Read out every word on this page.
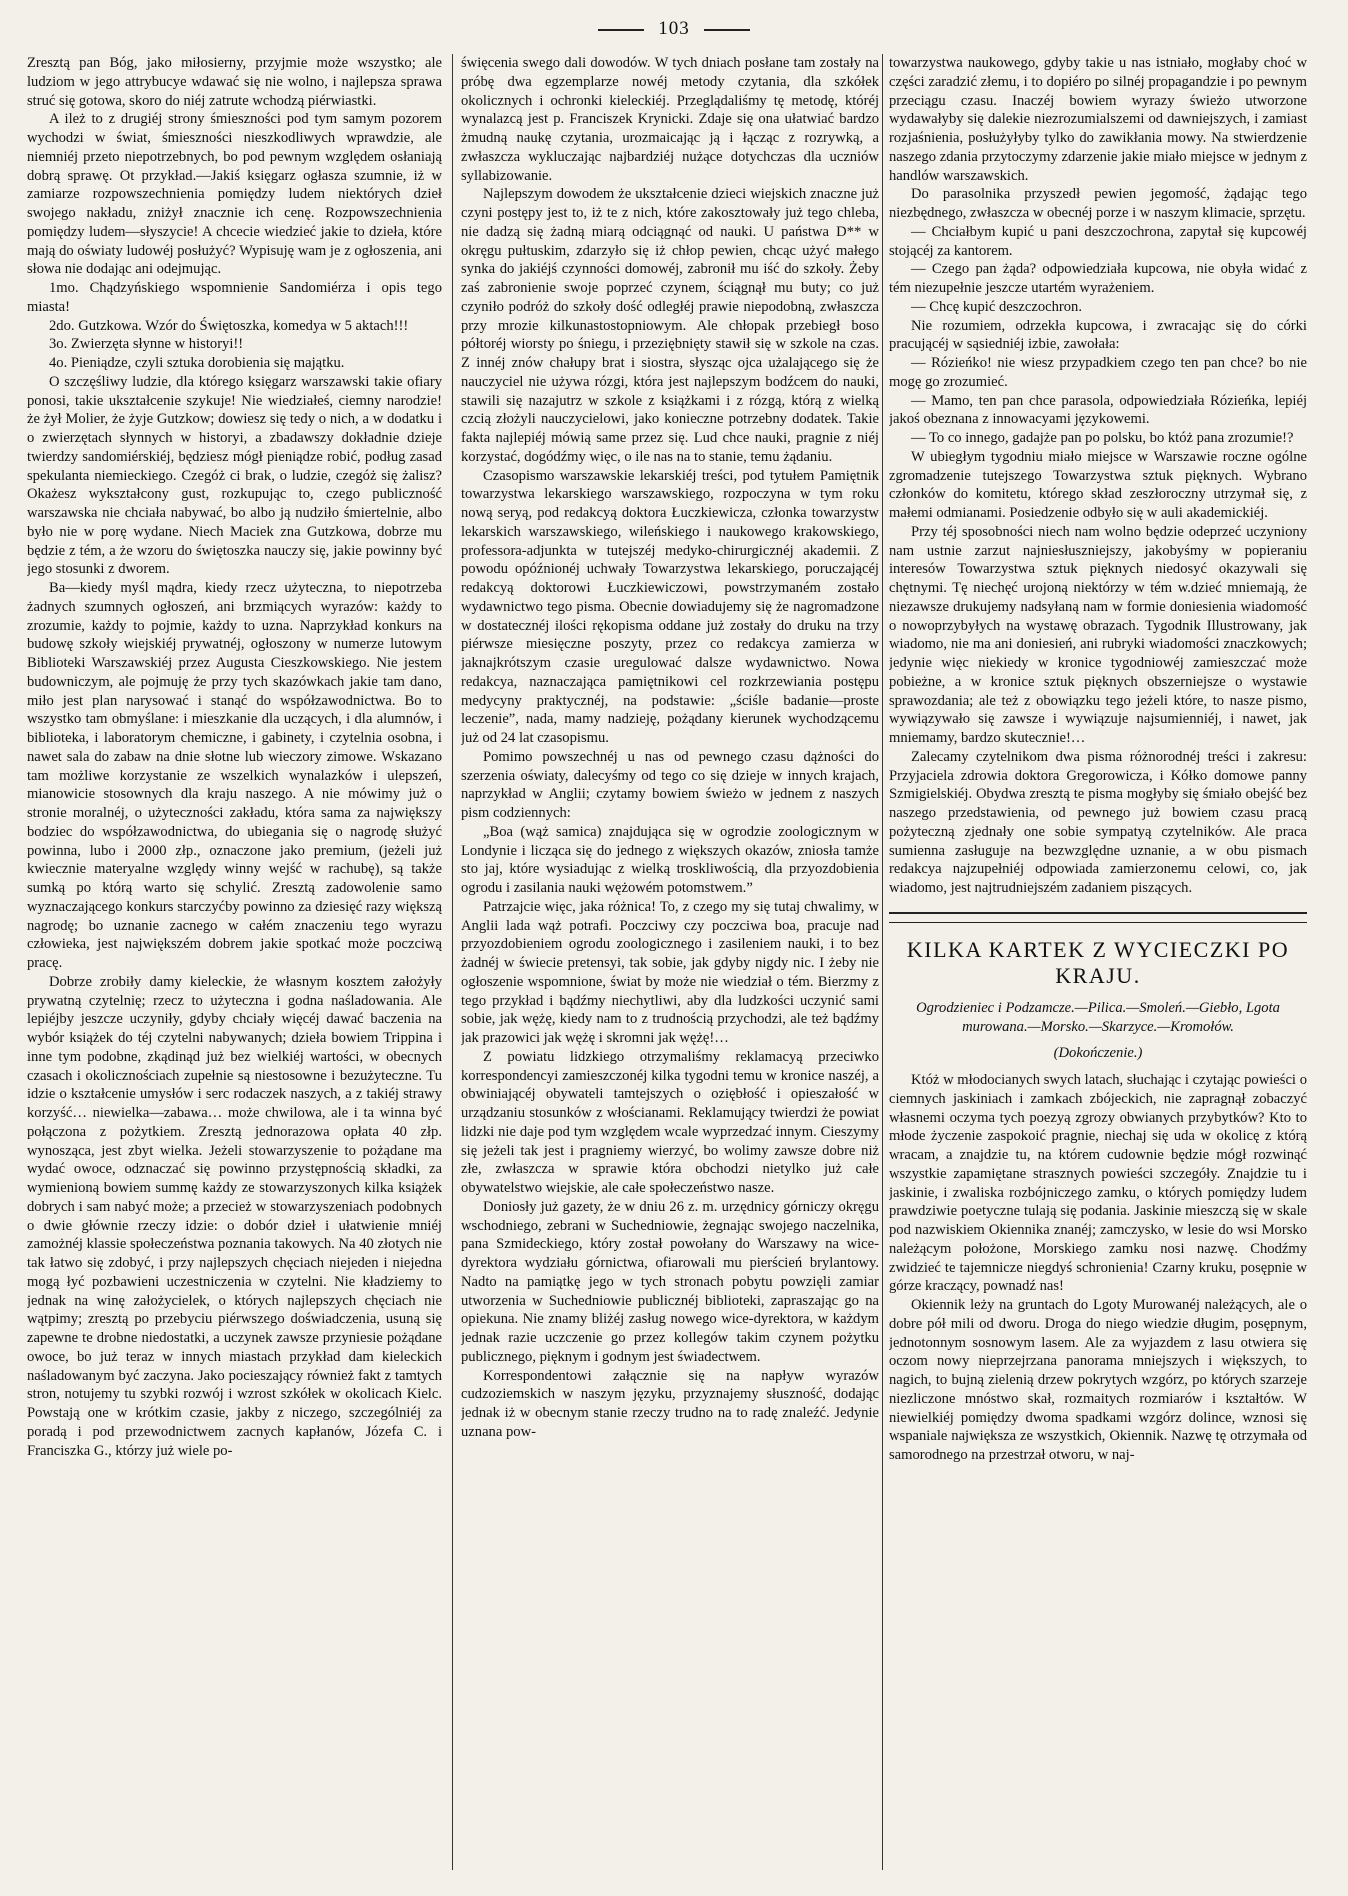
103

Zresztą pan Bóg, jako miłosierny, przyjmie może wszystko; ale ludziom w jego attrybucye wdawać się nie wolno, i najlepsza sprawa struć się gotowa, skoro do niéj zatrute wchodzą piérwiastki.

A ileż to z drugiéj strony śmieszności pod tym samym pozorem wychodzi w świat, śmieszności nieszkodliwych wprawdzie, ale niemniéj przeto niepotrzebnych, bo pod pewnym względem osłaniają dobrą sprawę. Ot przykład.—Jakiś księgarz ogłasza szumnie, iż w zamiarze rozpowszechnienia pomiędzy ludem niektórych dzieł swojego nakładu, zniżył znacznie ich cenę. Rozpowszechnienia pomiędzy ludem—słyszycie! A chcecie wiedzieć jakie to dzieła, które mają do oświaty ludowéj posłużyć? Wypisuję wam je z ogłoszenia, ani słowa nie dodając ani odejmując.

1mo. Chądzyńskiego wspomnienie Sandomiérza i opis tego miasta!

2do. Gutzkowa. Wzór do Świętoszka, komedya w 5 aktach!!!

3o. Zwierzęta słynne w historyi!!

4o. Pieniądze, czyli sztuka dorobienia się majątku.

O szczęśliwy ludzie, dla którego księgarz warszawski takie ofiary ponosi, takie ukształcenie szykuje! Nie wiedziałeś, ciemny narodzie! że żył Molier, że żyje Gutzkow; dowiesz się tedy o nich, a w dodatku i o zwierzętach słynnych w historyi, a zbadawszy dokładnie dzieje twierdzy sandomiérskiéj, będziesz mógł pieniądze robić, podług zasad spekulanta niemieckiego. Czegóż ci brak, o ludzie, czegóż się żalisz? Okażesz wykształcony gust, rozkupując to, czego publiczność warszawska nie chciała nabywać, bo albo ją nudziło śmiertelnie, albo było nie w porę wydane. Niech Maciek zna Gutzkowa, dobrze mu będzie z tém, a że wzoru do świętoszka nauczy się, jakie powinny być jego stosunki z dworem.

Ba—kiedy myśl mądra, kiedy rzecz użyteczna, to niepotrzeba żadnych szumnych ogłoszeń, ani brzmiących wyrazów: każdy to zrozumie, każdy to pojmie, każdy to uzna. Naprzykład konkurs na budowę szkoły wiejskiéj prywatnéj, ogłoszony w numerze lutowym Biblioteki Warszawskiéj przez Augusta Cieszkowskiego. Nie jestem budowniczym, ale pojmuję że przy tych skazówkach jakie tam dano, miło jest plan narysować i stanąć do współzawodnictwa. Bo to wszystko tam obmyślane: i mieszkanie dla uczących, i dla alumnów, i biblioteka, i laboratorym chemiczne, i gabinety, i czytelnia osobna, i nawet sala do zabaw na dnie słotne lub wieczory zimowe. Wskazano tam możliwe korzystanie ze wszelkich wynalazków i ulepszeń, mianowicie stosownych dla kraju naszego. A nie mówimy już o stronie moralnéj, o użyteczności zakładu, która sama za największy bodziec do współzawodnictwa, do ubiegania się o nagrodę służyć powinna, lubo i 2000 złp., oznaczone jako premium, (jeżeli już kwiecznie materyalne względy winny wejść w rachubę), są także sumką po którą warto się schylić. Zresztą zadowolenie samo wyznaczającego konkurs starczyćby powinno za dziesięć razy większą nagrodę; bo uznanie zacnego w całém znaczeniu tego wyrazu człowieka, jest największém dobrem jakie spotkać może poczciwą pracę.

Dobrze zrobiły damy kieleckie, że własnym kosztem założyły prywatną czytelnię; rzecz to użyteczna i godna naśladowania. Ale lepiéjby jeszcze uczyniły, gdyby chciały więcéj dawać baczenia na wybór książek do téj czytelni nabywanych; dzieła bowiem Trippina i inne tym podobne, zkądinąd już bez wielkiéj wartości, w obecnych czasach i okolicznościach zupełnie są niestosowne i bezużyteczne. Tu idzie o kształcenie umysłów i serc rodaczek naszych, a z takiéj strawy korzyść… niewielka—zabawa… może chwilowa, ale i ta winna być połączona z pożytkiem. Zresztą jednorazowa opłata 40 złp. wynosząca, jest zbyt wielka. Jeżeli stowarzyszenie to pożądane ma wydać owoce, odznaczać się powinno przystępnością składki, za wymienioną bowiem summę każdy ze stowarzyszonych kilka książek dobrych i sam nabyć może; a przecież w stowarzyszeniach podobnych o dwie głównie rzeczy idzie: o dobór dzieł i ułatwienie mniéj zamożnéj klassie społeczeństwa poznania takowych. Na 40 złotych nie tak łatwo się zdobyć, i przy najlepszych chęciach niejeden i niejedna mogą łyć pozbawieni uczestniczenia w czytelni. Nie kładziemy to jednak na winę założycielek, o których najlepszych chęciach nie wątpimy; zresztą po przebyciu piérwszego doświadczenia, usuną się zapewne te drobne niedostatki, a uczynek zawsze przyniesie pożądane owoce, bo już teraz w innych miastach przykład dam kieleckich naśladowanym być zaczyna. Jako pocieszający również fakt z tamtych stron, notujemy tu szybki rozwój i wzrost szkółek w okolicach Kielc. Powstają one w krótkim czasie, jakby z niczego, szczególniéj za poradą i pod przewodnictwem zacnych kapłanów, Józefa C. i Franciszka G., którzy już wiele po-

święcenia swego dali dowodów. W tych dniach posłane tam zostały na próbę dwa egzemplarze nowéj metody czytania, dla szkółek okolicznych i ochronki kieleckiéj. Przeglądaliśmy tę metodę, któréj wynalazcą jest p. Franciszek Krynicki. Zdaje się ona ułatwiać bardzo żmudną naukę czytania, urozmaicając ją i łącząc z rozrywką, a zwłaszcza wykluczając najbardziéj nużące dotychczas dla uczniów syllabizowanie.

Najlepszym dowodem że ukształcenie dzieci wiejskich znaczne już czyni postępy jest to, iż te z nich, które zakosztowały już tego chleba, nie dadzą się żadną miarą odciągnąć od nauki. U państwa D** w okręgu pułtuskim, zdarzyło się iż chłop pewien, chcąc użyć małego synka do jakiéjś czynności domowéj, zabronił mu iść do szkoły. Żeby zaś zabronienie swoje poprzeć czynem, ściągnął mu buty; co już czyniło podróż do szkoły dość odległéj prawie niepodobną, zwłaszcza przy mrozie kilkunastostopniowym. Ale chłopak przebiegł boso półtoréj wiorsty po śniegu, i przeziębnięty stawił się w szkole na czas. Z innéj znów chałupy brat i siostra, słysząc ojca użalającego się że nauczyciel nie używa rózgi, która jest najlepszym bodźcem do nauki, stawili się nazajutrz w szkole z książkami i z rózgą, którą z wielką czcią złożyli nauczycielowi, jako konieczne potrzebny dodatek. Takie fakta najlepiéj mówią same przez się. Lud chce nauki, pragnie z niéj korzystać, dogódźmy więc, o ile nas na to stanie, temu żądaniu.

Czasopismo warszawskie lekarskiéj treści, pod tytułem Pamiętnik towarzystwa lekarskiego warszawskiego, rozpoczyna w tym roku nową seryą, pod redakcyą doktora Łuczkiewicza, członka towarzystw lekarskich warszawskiego, wileńskiego i naukowego krakowskiego, professora-adjunkta w tutejszéj medyko-chirurgicznéj akademii. Z powodu opóźnionéj uchwały Towarzystwa lekarskiego, poruczającéj redakcyą doktorowi Łuczkiewiczowi, powstrzymaném zostało wydawnictwo tego pisma. Obecnie dowiadujemy się że nagromadzone w dostatecznéj ilości rękopisma oddane już zostały do druku na trzy piérwsze miesięczne poszyty, przez co redakcya zamierza w jaknajkrótszym czasie uregulować dalsze wydawnictwo. Nowa redakcya, naznaczająca pamiętnikowi cel rozkrzewiania postępu medycyny praktycznéj, na podstawie: „ściśle badanie—proste leczenie”, nada, mamy nadzieję, pożądany kierunek wychodzącemu już od 24 lat czasopismu.

Pomimo powszechnéj u nas od pewnego czasu dążności do szerzenia oświaty, dalecyśmy od tego co się dzieje w innych krajach, naprzykład w Anglii; czytamy bowiem świeżo w jednem z naszych pism codziennych:

„Boa (wąż samica) znajdująca się w ogrodzie zoologicznym w Londynie i licząca się do jednego z większych okazów, zniosła tamże sto jaj, które wysiadując z wielką troskliwością, dla przyozdobienia ogrodu i zasilania nauki wężowém potomstwem.”

Patrzajcie więc, jaka różnica! To, z czego my się tutaj chwalimy, w Anglii lada wąż potrafi. Poczciwy czy poczciwa boa, pracuje nad przyozdobieniem ogrodu zoologicznego i zasileniem nauki, i to bez żadnéj w świecie pretensyi, tak sobie, jak gdyby nigdy nic. I żeby nie ogłoszenie wspomnione, świat by może nie wiedział o tém. Bierzmy z tego przykład i bądźmy niechytliwi, aby dla ludzkości uczynić sami sobie, jak wężę, kiedy nam to z trudnością przychodzi, ale też bądźmy jak prazowici jak wężę i skromni jak wężę!…

Z powiatu lidzkiego otrzymaliśmy reklamacyą przeciwko korrespondencyi zamieszczonéj kilka tygodni temu w kronice naszéj, a obwiniającéj obywateli tamtejszych o oziębłość i opieszałość w urządzaniu stosunków z włościanami. Reklamujący twierdzi że powiat lidzki nie daje pod tym względem wcale wyprzedzać innym. Cieszymy się jeżeli tak jest i pragniemy wierzyć, bo wolimy zawsze dobre niż złe, zwłaszcza w sprawie która obchodzi nietylko już całe obywatelstwo wiejskie, ale całe społeczeństwo nasze.

Doniosły już gazety, że w dniu 26 z. m. urzędnicy górniczy okręgu wschodniego, zebrani w Suchedniowie, żegnając swojego naczelnika, pana Szmideckiego, który został powołany do Warszawy na wice-dyrektora wydziału górnictwa, ofiarowali mu pierścień brylantowy. Nadto na pamiątkę jego w tych stronach pobytu powzięli zamiar utworzenia w Suchedniowie publicznéj biblioteki, zapraszając go na opiekuna. Nie znamy bliżéj zasług nowego wice-dyrektora, w każdym jednak razie uczczenie go przez kollegów takim czynem pożytku publicznego, pięknym i godnym jest świadectwem.

Korrespondentowi załącznie się na napływ wyrazów cudzoziemskich w naszym języku, przyznajemy słuszność, dodając jednak iż w obecnym stanie rzeczy trudno na to radę znaleźć. Jedynie uznana pow-

towarzystwa naukowego, gdyby takie u nas istniało, mogłaby choć w części zaradzić złemu, i to dopiéro po silnéj propagandzie i po pewnym przeciągu czasu. Inaczéj bowiem wyrazy świeżo utworzone wydawałyby się dalekie niezrozumialszemi od dawniejszych, i zamiast rozjaśnienia, posłużyłyby tylko do zawikłania mowy. Na stwierdzenie naszego zdania przytoczymy zdarzenie jakie miało miejsce w jednym z handlów warszawskich.

Do parasolnika przyszedł pewien jegomość, żądając tego niezbędnego, zwłaszcza w obecnéj porze i w naszym klimacie, sprzętu.

— Chciałbym kupić u pani deszczochrona, zapytał się kupcowéj stojącéj za kantorem.

— Czego pan żąda? odpowiedziała kupcowa, nie obyła widać z tém niezupełnie jeszcze utartém wyrażeniem.

— Chcę kupić deszczochron.

Nie rozumiem, odrzekła kupcowa, i zwracając się do córki pracującéj w sąsiedniéj izbie, zawołała:

— Rózieńko! nie wiesz przypadkiem czego ten pan chce? bo nie mogę go zrozumieć.

— Mamo, ten pan chce parasola, odpowiedziała Rózieńka, lepiéj jakoś obeznana z innowacyami językowemi.

— To co innego, gadajże pan po polsku, bo któż pana zrozumie!?

W ubiegłym tygodniu miało miejsce w Warszawie roczne ogólne zgromadzenie tutejszego Towarzystwa sztuk pięknych. Wybrano członków do komitetu, którego skład zeszłoroczny utrzymał się, z małemi odmianami. Posiedzenie odbyło się w auli akademickiéj.

Przy téj sposobności niech nam wolno będzie odeprzeć uczyniony nam ustnie zarzut najniesłuszniejszy, jakobyśmy w popieraniu interesów Towarzystwa sztuk pięknych niedosyć okazywali się chętnymi. Tę niechęć urojoną niektórzy w tém w.dzieć mniemają, że niezawsze drukujemy nadsyłaną nam w formie doniesienia wiadomość o nowoprzybyłych na wystawę obrazach. Tygodnik Illustrowany, jak wiadomo, nie ma ani doniesień, ani rubryki wiadomości znaczkowych; jedynie więc niekiedy w kronice tygodniowéj zamieszczać może pobieżne, a w kronice sztuk pięknych obszerniejsze o wystawie sprawozdania; ale też z obowiązku tego jeżeli które, to nasze pismo, wywiązywało się zawsze i wywiązuje najsumienniéj, i nawet, jak mniemamy, bardzo skutecznie!…

Zalecamy czytelnikom dwa pisma różnorodnéj treści i zakresu: Przyjaciela zdrowia doktora Gregorowicza, i Kółko domowe panny Szmigielskiéj. Obydwa zresztą te pisma mogłyby się śmiało obejść bez naszego przedstawienia, od pewnego już bowiem czasu pracą pożyteczną zjednały one sobie sympatyą czytelników. Ale praca sumienna zasługuje na bezwzględne uznanie, a w obu pismach redakcya najzupełniéj odpowiada zamierzonemu celowi, co, jak wiadomo, jest najtrudniejszém zadaniem piszących.

KILKA KARTEK Z WYCIECZKI PO KRAJU.
Ogrodzieniec i Podzamcze.—Pilica.—Smoleń.—Giebło, Lgota murowana.—Morsko.—Skarzyce.—Kromołów.
(Dokończenie.)

Któż w młodocianych swych latach, słuchając i czytając powieści o ciemnych jaskiniach i zamkach zbójeckich, nie zapragnął zobaczyć własnemi oczyma tych poezyą zgrozy obwianych przybytków? Kto to młode życzenie zaspokoić pragnie, niechaj się uda w okolicę z którą wracam, a znajdzie tu, na którem cudownie będzie mógł rozwinąć wszystkie zapamiętane strasznych powieści szczegóły. Znajdzie tu i jaskinie, i zwaliska rozbójniczego zamku, o których pomiędzy ludem prawdziwie poetyczne tulają się podania. Jaskinie mieszczą się w skale pod nazwiskiem Okiennika znanéj; zamczysko, w lesie do wsi Morsko należącym położone, Morskiego zamku nosi nazwę. Chodźmy zwidzieć te tajemnicze niegdyś schronienia! Czarny kruku, posępnie w górze kraczący, pownadź nas!

Okiennik leży na gruntach do Lgoty Murowanéj należących, ale o dobre pół mili od dworu. Droga do niego wiedzie długim, posępnym, jednotonnym sosnowym lasem. Ale za wyjazdem z lasu otwiera się oczom nowy nieprzejrzana panorama mniejszych i większych, to nagich, to bujną zielenią drzew pokrytych wzgórz, po których szarzeje niezliczone mnóstwo skał, rozmaitych rozmiarów i kształtów. W niewielkiéj pomiędzy dwoma spadkami wzgórz dolince, wznosi się wspaniale największa ze wszystkich, Okiennik. Nazwę tę otrzymała od samorodnego na przestrzał otworu, w naj-
